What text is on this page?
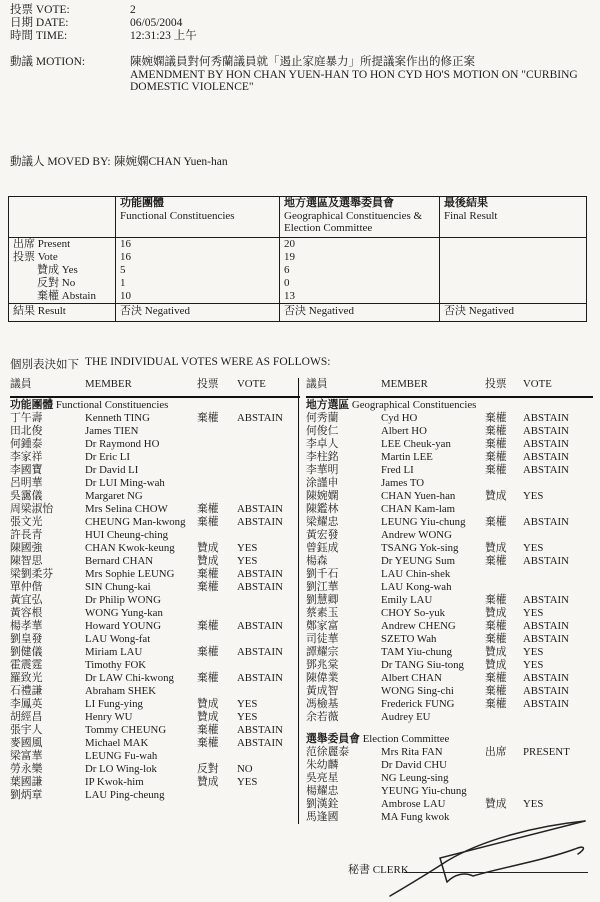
投票 VOTE:	2
日期 DATE:	06/05/2004
時間 TIME:	12:31:23 上午
動議 MOTION:	陳婉嫻議員對何秀蘭議員就「遏止家庭暴力」所提議案作出的修正案
AMENDMENT BY HON CHAN YUEN-HAN TO HON CYD HO'S MOTION ON "CURBING DOMESTIC VIOLENCE"
動議人 MOVED BY: 陳婉嫻CHAN Yuen-han

功能團體
Functional Constituencies

地方選區及選舉委員會
Geographical Constituencies &
Election Committee

最後結果
Final Result

出席 Present	16	20	
投票 Vote	16	19	
贊成 Yes	5	6	
反對 No	1	0	
棄權 Abstain	10	13	
結果 Result	否決 Negatived	否決 Negatived	否決 Negatived
個別表決如下 THE INDIVIDUAL VOTES WERE AS FOLLOWS:
議員	MEMBER	投票	VOTE
功能團體 Functional Constituencies
丁午壽	Kenneth TING	棄權	ABSTAIN
田北俊	James TIEN
何鍾泰	Dr Raymond HO
李家祥	Dr Eric LI
李國寶	Dr David LI
呂明華	Dr LUI Ming-wah
吳靄儀	Margaret NG
周梁淑怡	Mrs Selina CHOW	棄權	ABSTAIN
張文光	CHEUNG Man-kwong	棄權	ABSTAIN
許長青	HUI Cheung-ching
陳國強	CHAN Kwok-keung	贊成	YES
陳智思	Bernard CHAN	贊成	YES
梁劉柔芬	Mrs Sophie LEUNG	棄權	ABSTAIN
單仲偕	SIN Chung-kai	棄權	ABSTAIN
黃宜弘	Dr Philip WONG
黃容根	WONG Yung-kan
楊孝華	Howard YOUNG	棄權	ABSTAIN
劉皇發	LAU Wong-fat
劉健儀	Miriam LAU	棄權	ABSTAIN
霍震霆	Timothy FOK
羅致光	Dr LAW Chi-kwong	棄權	ABSTAIN
石禮謙	Abraham SHEK
李鳳英	LI Fung-ying	贊成	YES
胡經昌	Henry WU	贊成	YES
張宇人	Tommy CHEUNG	棄權	ABSTAIN
麥國風	Michael MAK	棄權	ABSTAIN
梁富華	LEUNG Fu-wah
勞永樂	Dr LO Wing-lok	反對	NO
葉國謙	IP Kwok-him	贊成	YES
劉炳章	LAU Ping-cheung
議員	MEMBER	投票	VOTE
地方選區 Geographical Constituencies
何秀蘭	Cyd HO	棄權	ABSTAIN
何俊仁	Albert HO	棄權	ABSTAIN
李卓人	LEE Cheuk-yan	棄權	ABSTAIN
李柱銘	Martin LEE	棄權	ABSTAIN
李華明	Fred LI	棄權	ABSTAIN
涂謹申	James TO
陳婉嫻	CHAN Yuen-han	贊成	YES
陳鑑林	CHAN Kam-lam
梁耀忠	LEUNG Yiu-chung	棄權	ABSTAIN
黃宏發	Andrew WONG
曾鈺成	TSANG Yok-sing	贊成	YES
楊森	Dr YEUNG Sum	棄權	ABSTAIN
劉千石	LAU Chin-shek
劉江華	LAU Kong-wah
劉慧卿	Emily LAU	棄權	ABSTAIN
蔡素玉	CHOY So-yuk	贊成	YES
鄭家富	Andrew CHENG	棄權	ABSTAIN
司徒華	SZETO Wah	棄權	ABSTAIN
譚耀宗	TAM Yiu-chung	贊成	YES
鄧兆棠	Dr TANG Siu-tong	贊成	YES
陳偉業	Albert CHAN	棄權	ABSTAIN
黃成智	WONG Sing-chi	棄權	ABSTAIN
馮檢基	Frederick FUNG	棄權	ABSTAIN
余若薇	Audrey EU
選舉委員會 Election Committee
范徐麗泰	Mrs Rita FAN	出席	PRESENT
朱幼麟	Dr David CHU
吳亮星	NG Leung-sing
楊耀忠	YEUNG Yiu-chung
劉漢銓	Ambrose LAU	贊成	YES
馬逢國	MA Fung kwok
秘書 CLERK
